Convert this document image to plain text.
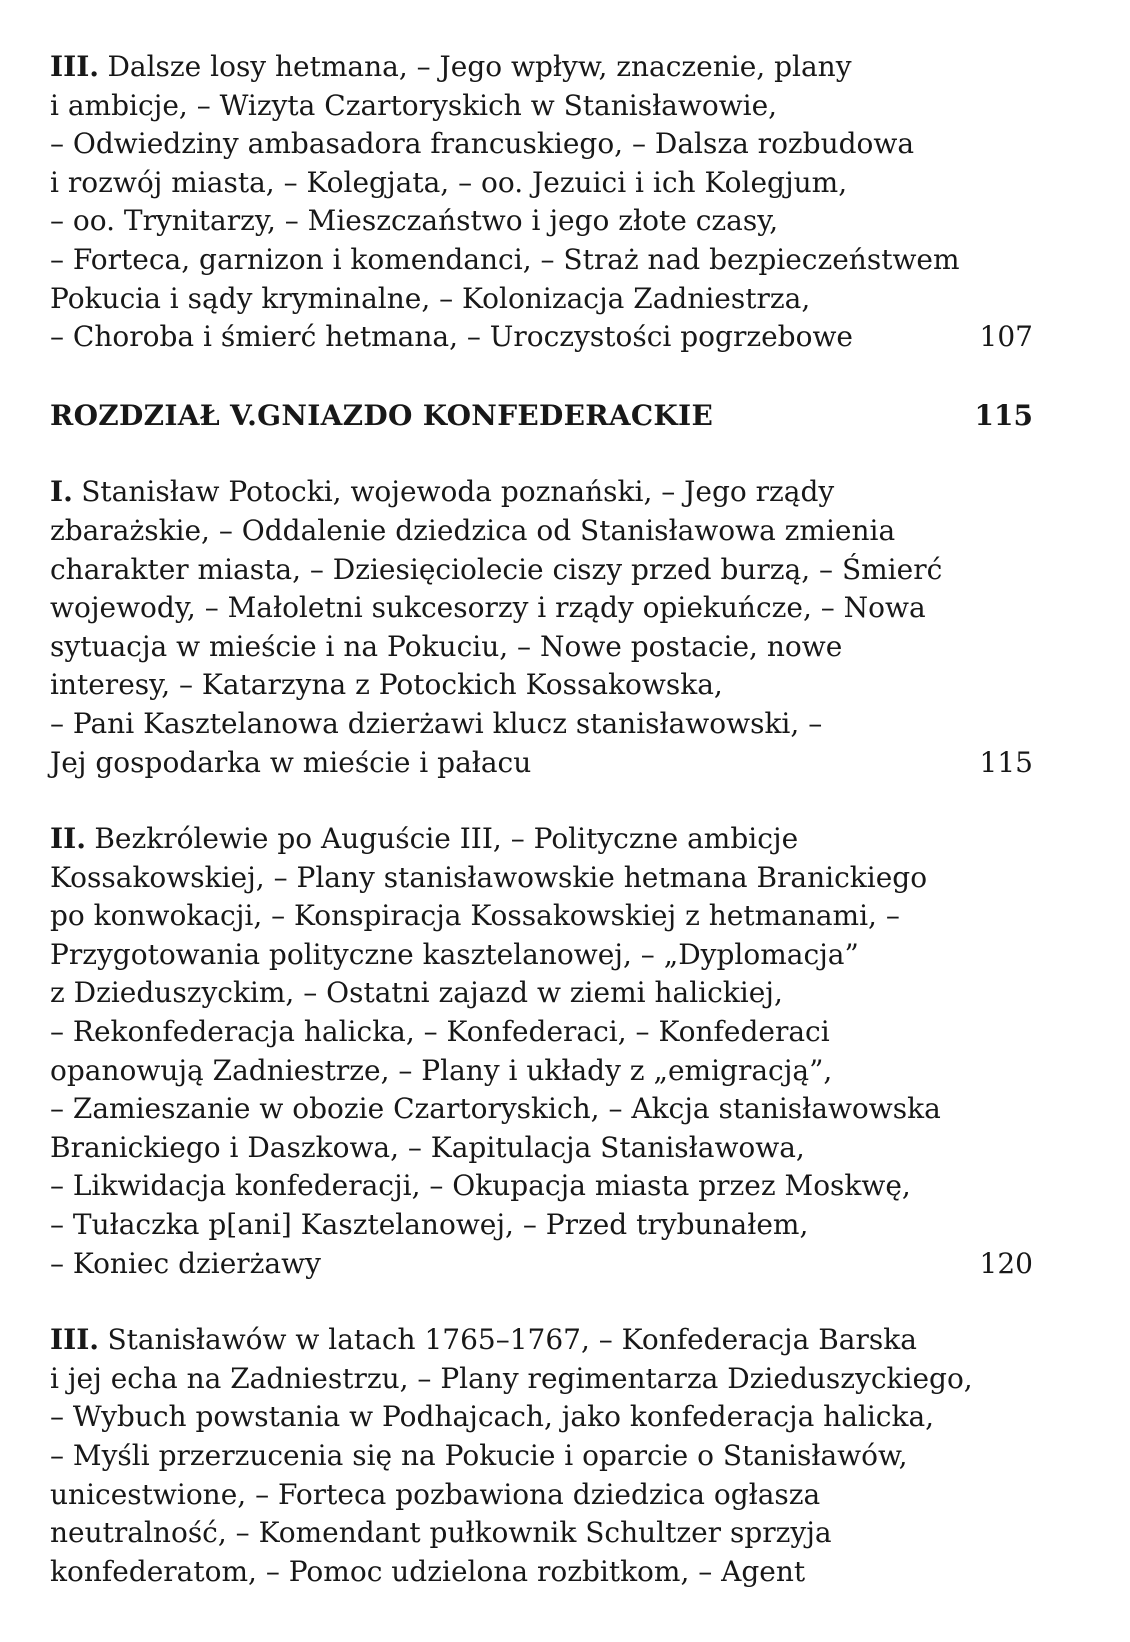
III. Dalsze losy hetmana, – Jego wpływ, znaczenie, plany

i ambicje, – Wizyta Czartoryskich w Stanisławowie,

– Odwiedziny ambasadora francuskiego, – Dalsza rozbudowa

i rozwój miasta, – Kolegjata, – oo. Jezuici i ich Kolegjum,

– oo. Trynitarzy, – Mieszczaństwo i jego złote czasy,

– Forteca, garnizon i komendanci, – Straż nad bezpieczeństwem

Pokucia i sądy kryminalne, – Kolonizacja Zadniestrza,

– Choroba i śmierć hetmana, – Uroczystości pogrzebowe	107

ROZDZIAŁ V.GNIAZDO KONFEDERACKIE	115

I. Stanisław Potocki, wojewoda poznański, – Jego rządy

zbarażskie, – Oddalenie dziedzica od Stanisławowa zmienia

charakter miasta, – Dziesięciolecie ciszy przed burzą, – Śmierć

wojewody, – Małoletni sukcesorzy i rządy opiekuńcze, – Nowa

sytuacja w mieście i na Pokuciu, – Nowe postacie, nowe

interesy, – Katarzyna z Potockich Kossakowska,

– Pani Kasztelanowa dzierżawi klucz stanisławowski, –

Jej gospodarka w mieście i pałacu	115

II. Bezkrólewie po Auguście III, – Polityczne ambicje

Kossakowskiej, – Plany stanisławowskie hetmana Branickiego

po konwokacji, – Konspiracja Kossakowskiej z hetmanami, –

Przygotowania polityczne kasztelanowej, – „Dyplomacja”

z Dzieduszyckim, – Ostatni zajazd w ziemi halickiej,

– Rekonfederacja halicka, – Konfederaci, – Konfederaci

opanowują Zadniestrze, – Plany i układy z „emigracją”,

– Zamieszanie w obozie Czartoryskich, – Akcja stanisławowska

Branickiego i Daszkowa, – Kapitulacja Stanisławowa,

– Likwidacja konfederacji, – Okupacja miasta przez Moskwę,

– Tułaczka p[ani] Kasztelanowej, – Przed trybunałem,

– Koniec dzierżawy	120

III. Stanisławów w latach 1765–1767, – Konfederacja Barska

i jej echa na Zadniestrzu, – Plany regimentarza Dzieduszyckiego,

– Wybuch powstania w Podhajcach, jako konfederacja halicka,

– Myśli przerzucenia się na Pokucie i oparcie o Stanisławów,

unicestwione, – Forteca pozbawiona dziedzica ogłasza

neutralność, – Komendant pułkownik Schultzer sprzyja

konfederatom, – Pomoc udzielona rozbitkom, – Agent
